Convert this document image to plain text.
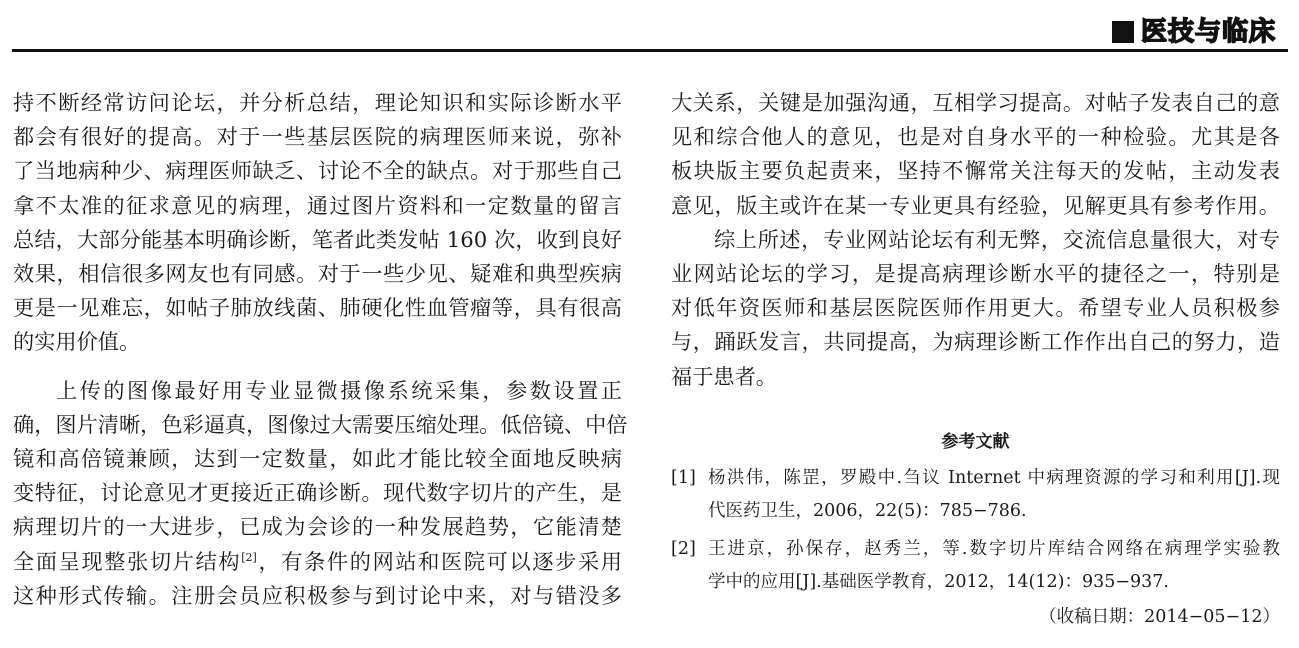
医技与临床
持不断经常访问论坛，并分析总结，理论知识和实际诊断水平
都会有很好的提高。对于一些基层医院的病理医师来说，弥补
了当地病种少、病理医师缺乏、讨论不全的缺点。对于那些自己
拿不太准的征求意见的病理，通过图片资料和一定数量的留言
总结，大部分能基本明确诊断，笔者此类发帖 160 次，收到良好
效果，相信很多网友也有同感。对于一些少见、疑难和典型疾病
更是一见难忘，如帖子肺放线菌、肺硬化性血管瘤等，具有很高
的实用价值。
上传的图像最好用专业显微摄像系统采集，参数设置正
确，图片清晰，色彩逼真，图像过大需要压缩处理。低倍镜、中倍
镜和高倍镜兼顾，达到一定数量，如此才能比较全面地反映病
变特征，讨论意见才更接近正确诊断。现代数字切片的产生，是
病理切片的一大进步，已成为会诊的一种发展趋势，它能清楚
全面呈现整张切片结构[2]，有条件的网站和医院可以逐步采用
这种形式传输。注册会员应积极参与到讨论中来，对与错没多
大关系，关键是加强沟通，互相学习提高。对帖子发表自己的意
见和综合他人的意见，也是对自身水平的一种检验。尤其是各
板块版主要负起责来，坚持不懈常关注每天的发帖，主动发表
意见，版主或许在某一专业更具有经验，见解更具有参考作用。
综上所述，专业网站论坛有利无弊，交流信息量很大，对专
业网站论坛的学习，是提高病理诊断水平的捷径之一，特别是
对低年资医师和基层医院医师作用更大。希望专业人员积极参
与，踊跃发言，共同提高，为病理诊断工作作出自己的努力，造
福于患者。
参考文献
[1] 杨洪伟，陈罡，罗殿中.刍议 Internet 中病理资源的学习和利用[J].现
代医药卫生，2006，22(5)：785−786.
[2] 王进京，孙保存，赵秀兰，等.数字切片库结合网络在病理学实验教
学中的应用[J].基础医学教育，2012，14(12)：935−937.
（收稿日期：2014−05−12）
